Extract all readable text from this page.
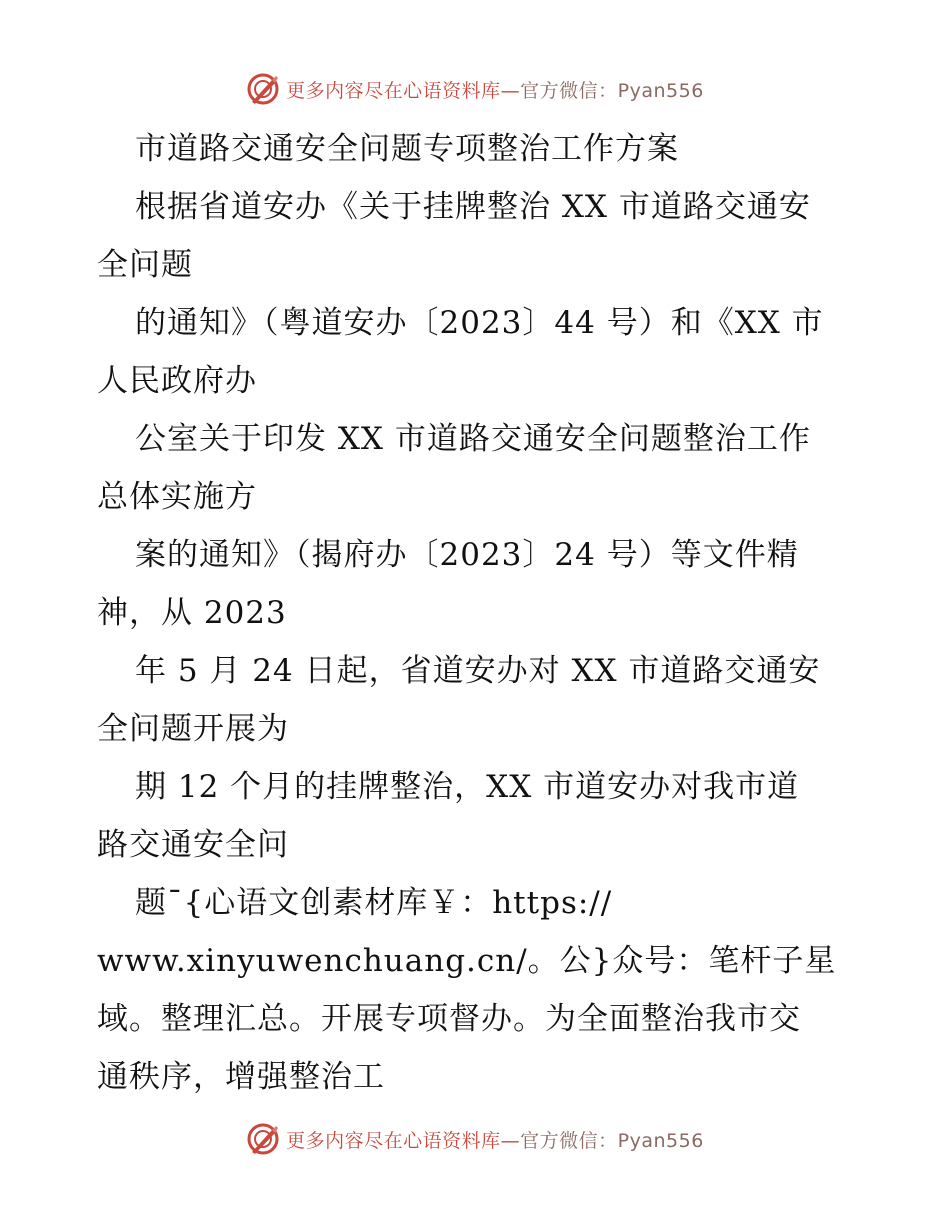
更多内容尽在心语资料库—官方微信：Pyan556
市道路交通安全问题专项整治工作方案
根据省道安办《关于挂牌整治 XX 市道路交通安
全问题
的通知》（粤道安办〔2023〕44 号）和《XX 市
人民政府办
公室关于印发 XX 市道路交通安全问题整治工作
总体实施方
案的通知》（揭府办〔2023〕24 号）等文件精
神，从 2023
年 5 月 24 日起，省道安办对 XX 市道路交通安
全问题开展为
期 12 个月的挂牌整治，XX 市道安办对我市道
路交通安全问
题¯{心语文创素材库￥：https://
www.xinyuwenchuang.cn/。公}众号：笔杆子星
域。整理汇总。开展专项督办。为全面整治我市交
通秩序，增强整治工
更多内容尽在心语资料库—官方微信：Pyan556
